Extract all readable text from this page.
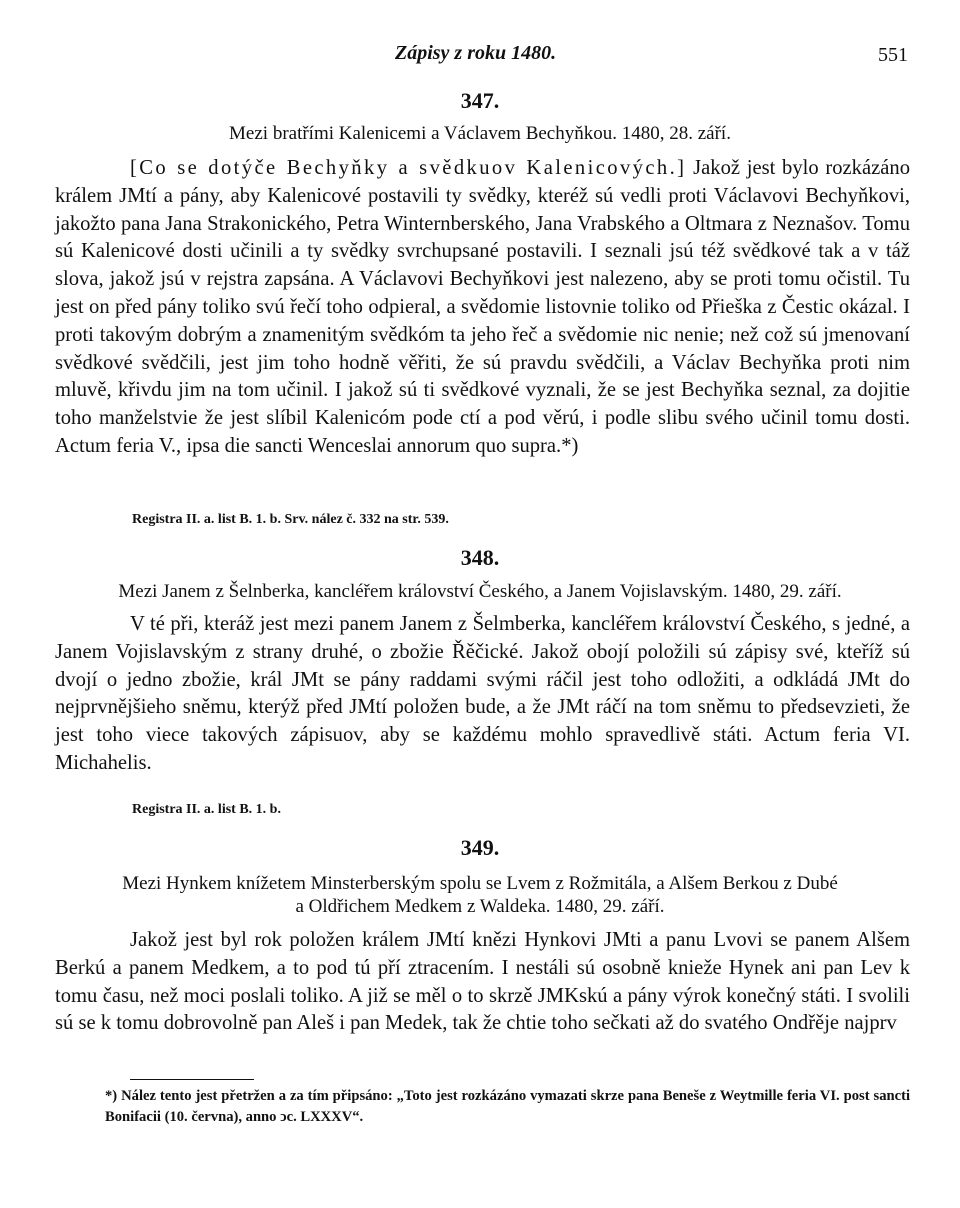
Zápisy z roku 1480.	551
347.
Mezi bratřími Kalenicemi a Václavem Bechyňkou. 1480, 28. září.

[Co se dotýče Bechyňky a svědkuov Kalenicových.] Jakož jest bylo rozkázáno králem JMtí a pány, aby Kalenicové postavili ty svědky, kteréž sú vedli proti Václavovi Bechyňkovi, jakožto pana Jana Strakonického, Petra Winternberského, Jana Vrabského a Oltmara z Neznašov. Tomu sú Kalenicové dosti učinili a ty svědky svrchupsané postavili. I seznali jsú též svědkové tak a v táž slova, jakož jsú v rejstra zapsána. A Václavovi Bechyňkovi jest nalezeno, aby se proti tomu očistil. Tu jest on před pány toliko svú řečí toho odpieral, a svědomie listovnie toliko od Přieška z Čestic okázal. I proti takovým dobrým a znamenitým svědkóm ta jeho řeč a svědomie nic nenie; než což sú jmenovaní svědkové svědčili, jest jim toho hodně věřiti, že sú pravdu svědčili, a Václav Bechyňka proti nim mluvě, křivdu jim na tom učinil. I jakož sú ti svědkové vyznali, že se jest Bechyňka seznal, za dojitie toho manželstvie že jest slíbil Kalenicóm pode ctí a pod věrú, i podle slibu svého učinil tomu dosti. Actum feria V., ipsa die sancti Wenceslai annorum quo supra.*)

Registra II. a. list B. 1. b. Srv. nález č. 332 na str. 539.
348.
Mezi Janem z Šelnberka, kancléřem království Českého, a Janem Vojislavským. 1480, 29. září.

V té při, kteráž jest mezi panem Janem z Šelmberka, kancléřem království Českého, s jedné, a Janem Vojislavským z strany druhé, o zbožie Řěčické. Jakož obojí položili sú zápisy své, kteříž sú dvojí o jedno zbožie, král JMt se pány raddami svými ráčil jest toho odložiti, a odkládá JMt do nejprvnějšieho sněmu, kterýž před JMtí položen bude, a že JMt ráčí na tom sněmu to předsevzieti, že jest toho viece takových zápisuov, aby se každému mohlo spravedlivě státi. Actum feria VI. Michahelis.

Registra II. a. list B. 1. b.
349.
Mezi Hynkem knížetem Minsterberským spolu se Lvem z Rožmitála, a Alšem Berkou z Dubé
a Oldřichem Medkem z Waldeka. 1480, 29. září.

Jakož jest byl rok položen králem JMtí knězi Hynkovi JMti a panu Lvovi se panem Alšem Berkú a panem Medkem, a to pod tú pří ztracením. I nestáli sú osobně knieže Hynek ani pan Lev k tomu času, než moci poslali toliko. A již se měl o to skrzě JMKskú a pány výrok konečný státi. I svolili sú se k tomu dobrovolně pan Aleš i pan Medek, tak že chtie toho sečkati až do svatého Ondřěje najprv

*) Nález tento jest přetržen a za tím připsáno: „Toto jest rozkázáno vymazati skrze pana Beneše z Weytmille feria VI. post sancti Bonifacii (10. června), anno ↄc. LXXXV“.
